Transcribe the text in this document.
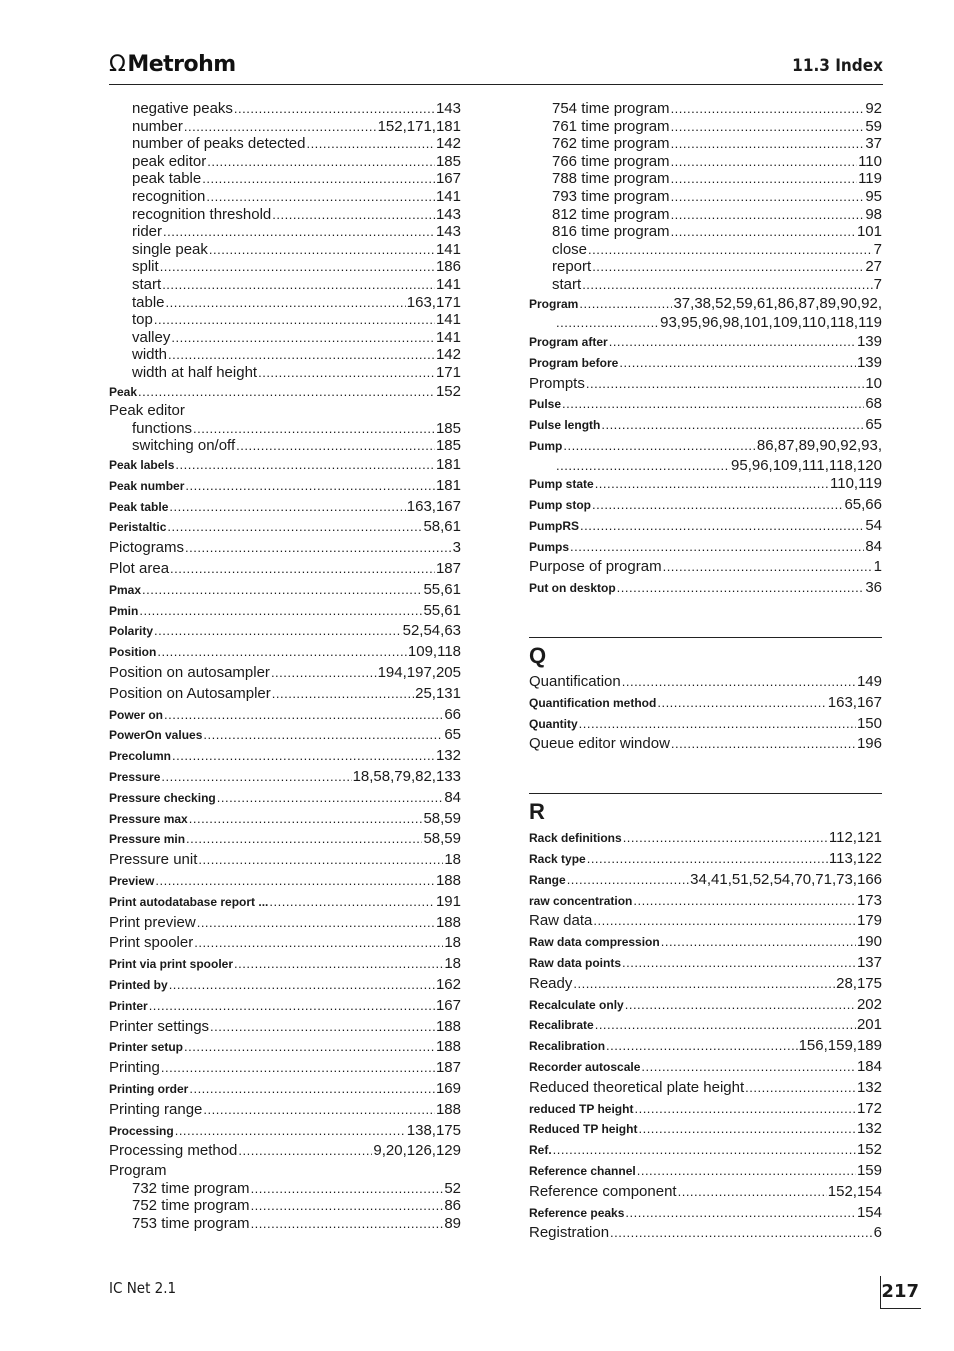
ΩMetrohm	11.3 Index
negative peaks .....	143
number .....	152,171,181
number of peaks detected .....	142
peak editor .....	185
peak table .....	167
recognition .....	141
recognition threshold .....	143
rider .....	143
single peak .....	141
split .....	186
start .....	141
table .....	163,171
top .....	141
valley .....	141
width .....	142
width at half height .....	171
Peak .....	152
Peak editor
functions .....	185
switching on/off .....	185
Peak labels .....	181
Peak number .....	181
Peak table .....	163,167
Peristaltic .....	58,61
Pictograms .....	3
Plot area .....	187
Pmax .....	55,61
Pmin .....	55,61
Polarity .....	52,54,63
Position .....	109,118
Position on autosampler .....	194,197,205
Position on Autosampler .....	25,131
Power on .....	66
PowerOn values .....	65
Precolumn .....	132
Pressure .....	18,58,79,82,133
Pressure checking .....	84
Pressure max .....	58,59
Pressure min .....	58,59
Pressure unit .....	18
Preview .....	188
Print autodatabase report ... .....	191
Print preview .....	188
Print spooler .....	18
Print via print spooler .....	18
Printed by .....	162
Printer .....	167
Printer settings .....	188
Printer setup .....	188
Printing .....	187
Printing order .....	169
Printing range .....	188
Processing .....	138,175
Processing method .....	9,20,126,129
Program
732 time program .....	52
752 time program .....	86
753 time program .....	89
754 time program .....	92
761 time program .....	59
762 time program .....	37
766 time program .....	110
788 time program .....	119
793 time program .....	95
812 time program .....	98
816 time program .....	101
close .....	7
report .....	27
start .....	7
Program .....	37,38,52,59,61,86,87,89,90,92,
.....
93,95,96,98,101,109,110,118,119
Program after .....	139
Program before .....	139
Prompts .....	10
Pulse .....	68
Pulse length .....	65
Pump .....	86,87,89,90,92,93,
.....
95,96,109,111,118,120
Pump state .....	110,119
Pump stop .....	65,66
PumpRS .....	54
Pumps .....	84
Purpose of program .....	1
Put on desktop .....	36
Q
Quantification .....	149
Quantification method .....	163,167
Quantity .....	150
Queue editor window .....	196
R
Rack definitions .....	112,121
Rack type .....	113,122
Range .....	34,41,51,52,54,70,71,73,166
raw concentration .....	173
Raw data .....	179
Raw data compression .....	190
Raw data points .....	137
Ready .....	28,175
Recalculate only .....	202
Recalibrate .....	201
Recalibration .....	156,159,189
Recorder autoscale .....	184
Reduced theoretical plate height .....	132
reduced TP height .....	172
Reduced TP height .....	132
Ref. .....	152
Reference channel .....	159
Reference component .....	152,154
Reference peaks .....	154
Registration .....	6
IC Net 2.1	217
